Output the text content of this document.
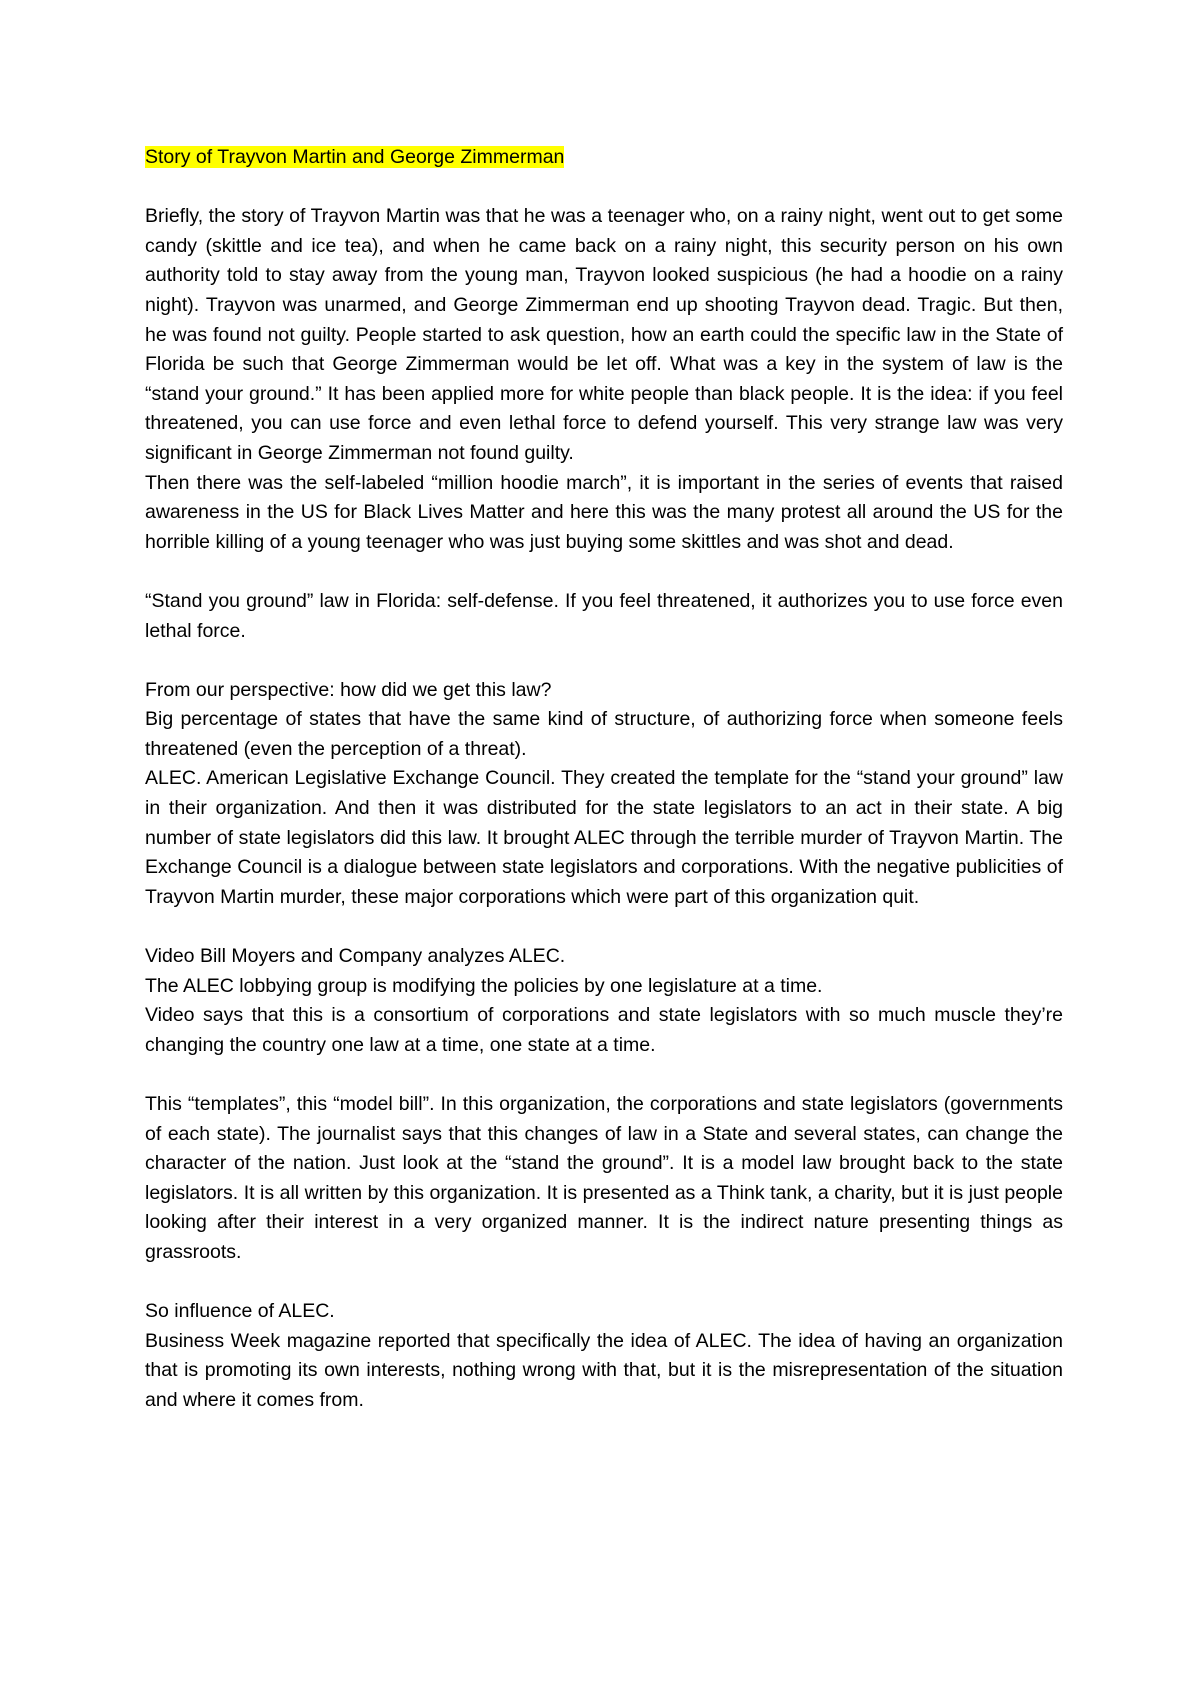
Story of Trayvon Martin and George Zimmerman

Briefly, the story of Trayvon Martin was that he was a teenager who, on a rainy night, went out to get some candy (skittle and ice tea), and when he came back on a rainy night, this security person on his own authority told to stay away from the young man, Trayvon looked suspicious (he had a hoodie on a rainy night). Trayvon was unarmed, and George Zimmerman end up shooting Trayvon dead. Tragic. But then, he was found not guilty. People started to ask question, how an earth could the specific law in the State of Florida be such that George Zimmerman would be let off. What was a key in the system of law is the “stand your ground.” It has been applied more for white people than black people. It is the idea: if you feel threatened, you can use force and even lethal force to defend yourself. This very strange law was very significant in George Zimmerman not found guilty.

Then there was the self-labeled “million hoodie march”, it is important in the series of events that raised awareness in the US for Black Lives Matter and here this was the many protest all around the US for the horrible killing of a young teenager who was just buying some skittles and was shot and dead.

“Stand you ground” law in Florida: self-defense. If you feel threatened, it authorizes you to use force even lethal force.

From our perspective: how did we get this law?

Big percentage of states that have the same kind of structure, of authorizing force when someone feels threatened (even the perception of a threat).

ALEC. American Legislative Exchange Council. They created the template for the “stand your ground” law in their organization. And then it was distributed for the state legislators to an act in their state. A big number of state legislators did this law. It brought ALEC through the terrible murder of Trayvon Martin. The Exchange Council is a dialogue between state legislators and corporations. With the negative publicities of Trayvon Martin murder, these major corporations which were part of this organization quit.

Video Bill Moyers and Company analyzes ALEC.

The ALEC lobbying group is modifying the policies by one legislature at a time.

Video says that this is a consortium of corporations and state legislators with so much muscle they’re changing the country one law at a time, one state at a time.

This “templates”, this “model bill”. In this organization, the corporations and state legislators (governments of each state). The journalist says that this changes of law in a State and several states, can change the character of the nation. Just look at the “stand the ground”. It is a model law brought back to the state legislators. It is all written by this organization. It is presented as a Think tank, a charity, but it is just people looking after their interest in a very organized manner. It is the indirect nature presenting things as grassroots.

So influence of ALEC.

Business Week magazine reported that specifically the idea of ALEC. The idea of having an organization that is promoting its own interests, nothing wrong with that, but it is the misrepresentation of the situation and where it comes from.
